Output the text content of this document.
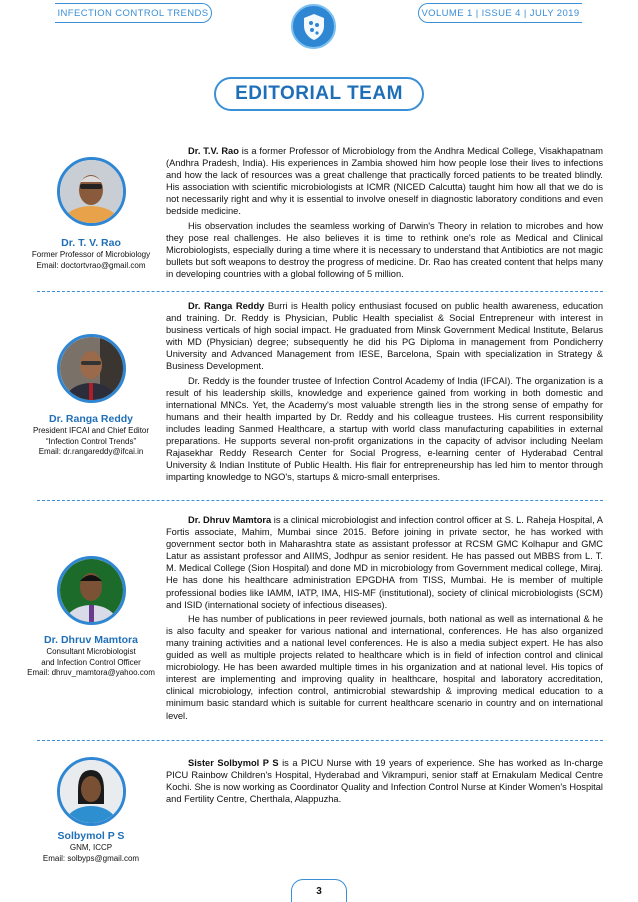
INFECTION CONTROL TRENDS	VOLUME 1 | ISSUE 4 | JULY 2019
EDITORIAL TEAM
Dr. T. V. Rao
Former Professor of Microbiology
Email: doctortvrao@gmail.com

Dr. T.V. Rao is a former Professor of Microbiology from the Andhra Medical College, Visakhapatnam (Andhra Pradesh, India). His experiences in Zambia showed him how people lose their lives to infections and how the lack of resources was a great challenge that practically forced patients to be treated blindly. His association with scientific microbiologists at ICMR (NICED Calcutta) taught him how all that we do is not necessarily right and why it is essential to involve oneself in diagnostic laboratory conditions and even bedside medicine.

His observation includes the seamless working of Darwin's Theory in relation to microbes and how they pose real challenges. He also believes it is time to rethink one's role as Medical and Clinical Microbiologists, especially during a time where it is necessary to understand that Antibiotics are not magic bullets but soft weapons to destroy the progress of medicine. Dr. Rao has created content that helps many in developing countries with a global following of 5 million.

Dr. Ranga Reddy
President IFCAI and Chief Editor
“Infection Control Trends”
Email: dr.rangareddy@ifcai.in

Dr. Ranga Reddy Burri is Health policy enthusiast focused on public health awareness, education and training. Dr. Reddy is Physician, Public Health specialist & Social Entrepreneur with interest in business verticals of high social impact. He graduated from Minsk Government Medical Institute, Belarus with MD (Physician) degree; subsequently he did his PG Diploma in management from Pondicherry University and Advanced Management from IESE, Barcelona, Spain with specialization in Strategy & Business Development.

Dr. Reddy is the founder trustee of Infection Control Academy of India (IFCAI). The organization is a result of his leadership skills, knowledge and experience gained from working in both domestic and international MNCs. Yet, the Academy's most valuable strength lies in the strong sense of empathy for humans and their health imparted by Dr. Reddy and his colleague trustees. His current responsibility includes leading Sanmed Healthcare, a startup with world class manufacturing capabilities in external preparations. He supports several non-profit organizations in the capacity of advisor including Neelam Rajasekhar Reddy Research Center for Social Progress, e-learning center of Hyderabad Central University & Indian Institute of Public Health. His flair for entrepreneurship has led him to mentor through imparting knowledge to NGO's, startups & micro-small enterprises.

Dr. Dhruv Mamtora
Consultant Microbiologist
and Infection Control Officer
Email: dhruv_mamtora@yahoo.com

Dr. Dhruv Mamtora is a clinical microbiologist and infection control officer at S. L. Raheja Hospital, A Fortis associate, Mahim, Mumbai since 2015. Before joining in private sector, he has worked with government sector both in Maharashtra state as assistant professor at RCSM GMC Kolhapur and GMC Latur as assistant professor and AIIMS, Jodhpur as senior resident. He has passed out MBBS from L. T. M. Medical College (Sion Hospital) and done MD in microbiology from Government medical college, Miraj. He has done his healthcare administration EPGDHA from TISS, Mumbai. He is member of multiple professional bodies like IAMM, IATP, IMA, HIS-MF (institutional), society of clinical microbiologists (SCM) and ISID (international society of infectious diseases).

He has number of publications in peer reviewed journals, both national as well as international & he is also faculty and speaker for various national and international, conferences. He has also organized many training activities and a national level conferences. He is also a media subject expert. He has also guided as well as multiple projects related to healthcare which is in field of infection control and clinical microbiology. He has been awarded multiple times in his organization and at national level. His topics of interest are implementing and improving quality in healthcare, hospital and laboratory accreditation, clinical microbiology, infection control, antimicrobial stewardship & improving medical education to a minimum basic standard which is suitable for current healthcare scenario in country and on international level.

Solbymol P S
GNM, ICCP
Email: solbyps@gmail.com

Sister Solbymol P S is a PICU Nurse with 19 years of experience. She has worked as In-charge PICU Rainbow Children's Hospital, Hyderabad and Vikrampuri, senior staff at Ernakulam Medical Centre Kochi. She is now working as Coordinator Quality and Infection Control Nurse at Kinder Women's Hospital and Fertility Centre, Cherthala, Alappuzha.

3
